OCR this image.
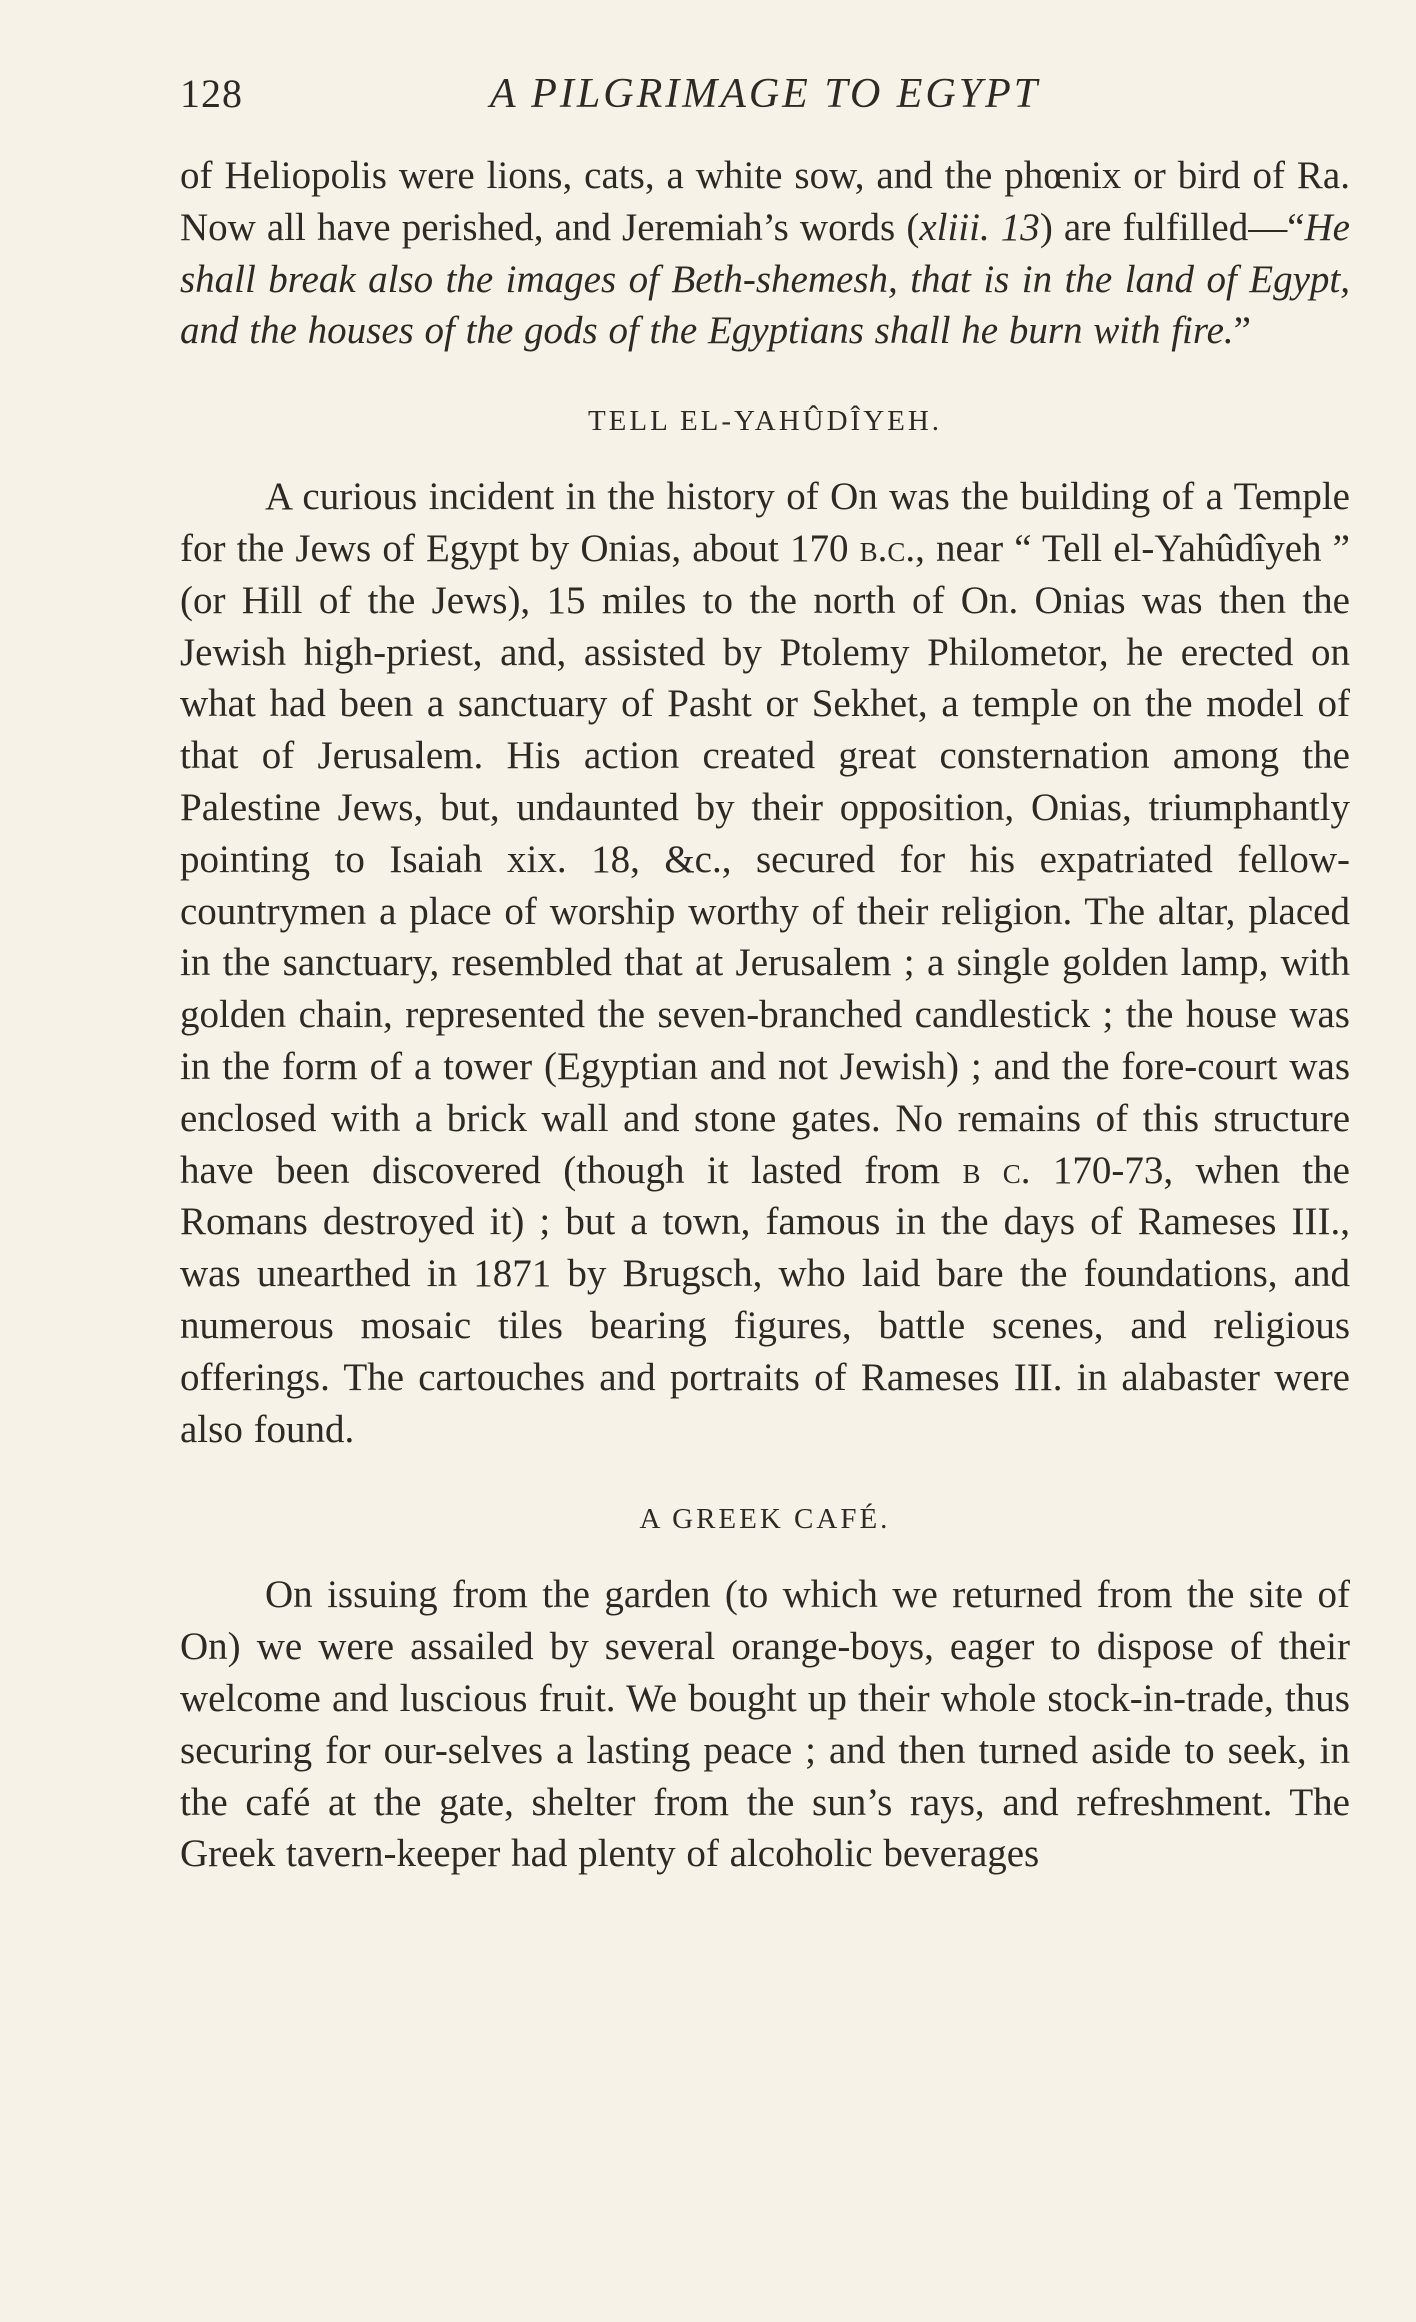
128	A PILGRIMAGE TO EGYPT

of Heliopolis were lions, cats, a white sow, and the phœnix or bird of Ra. Now all have perished, and Jeremiah’s words (xliii. 13) are fulfilled—“He shall break also the images of Beth-shemesh, that is in the land of Egypt, and the houses of the gods of the Egyptians shall he burn with fire.”

TELL EL-YAHÛDÎYEH.

A curious incident in the history of On was the building of a Temple for the Jews of Egypt by Onias, about 170 b.c., near “ Tell el-Yahûdîyeh ” (or Hill of the Jews), 15 miles to the north of On. Onias was then the Jewish high-priest, and, assisted by Ptolemy Philometor, he erected on what had been a sanctuary of Pasht or Sekhet, a temple on the model of that of Jerusalem. His action created great consternation among the Palestine Jews, but, undaunted by their opposition, Onias, triumphantly pointing to Isaiah xix. 18, &c., secured for his expatriated fellow-countrymen a place of worship worthy of their religion. The altar, placed in the sanctuary, resembled that at Jerusalem ; a single golden lamp, with golden chain, represented the seven-branched candlestick ; the house was in the form of a tower (Egyptian and not Jewish) ; and the fore-court was enclosed with a brick wall and stone gates. No remains of this structure have been discovered (though it lasted from b c. 170-73, when the Romans destroyed it) ; but a town, famous in the days of Rameses III., was unearthed in 1871 by Brugsch, who laid bare the foundations, and numerous mosaic tiles bearing figures, battle scenes, and religious offerings. The cartouches and portraits of Rameses III. in alabaster were also found.

A GREEK CAFÉ.

On issuing from the garden (to which we returned from the site of On) we were assailed by several orange-boys, eager to dispose of their welcome and luscious fruit. We bought up their whole stock-in-trade, thus securing for our-selves a lasting peace ; and then turned aside to seek, in the café at the gate, shelter from the sun’s rays, and refreshment. The Greek tavern-keeper had plenty of alcoholic beverages
